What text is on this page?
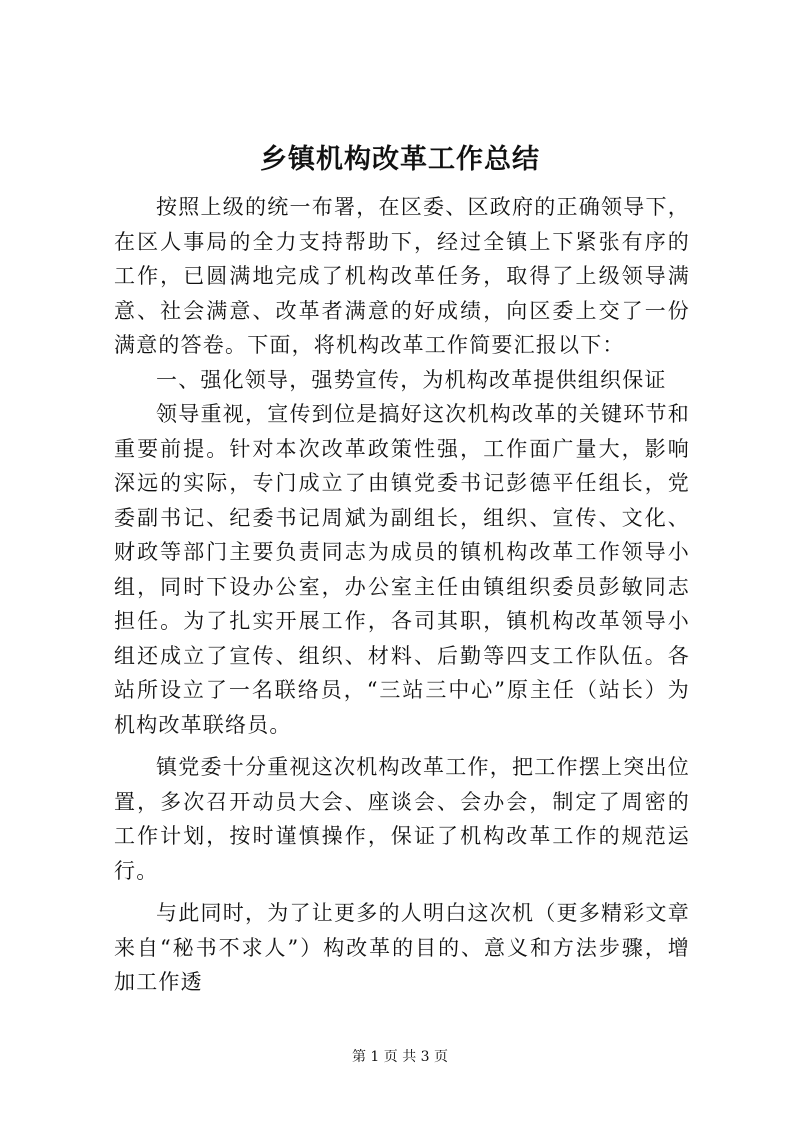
乡镇机构改革工作总结

按照上级的统一布署，在区委、区政府的正确领导下，在区人事局的全力支持帮助下，经过全镇上下紧张有序的工作，已圆满地完成了机构改革任务，取得了上级领导满意、社会满意、改革者满意的好成绩，向区委上交了一份满意的答卷。下面，将机构改革工作简要汇报以下：

一、强化领导，强势宣传，为机构改革提供组织保证

领导重视，宣传到位是搞好这次机构改革的关键环节和重要前提。针对本次改革政策性强，工作面广量大，影响深远的实际，专门成立了由镇党委书记彭德平任组长，党委副书记、纪委书记周斌为副组长，组织、宣传、文化、财政等部门主要负责同志为成员的镇机构改革工作领导小组，同时下设办公室，办公室主任由镇组织委员彭敏同志担任。为了扎实开展工作，各司其职，镇机构改革领导小组还成立了宣传、组织、材料、后勤等四支工作队伍。各站所设立了一名联络员，“三站三中心”原主任（站长）为机构改革联络员。

镇党委十分重视这次机构改革工作，把工作摆上突出位置，多次召开动员大会、座谈会、会办会，制定了周密的工作计划，按时谨慎操作，保证了机构改革工作的规范运行。

与此同时，为了让更多的人明白这次机（更多精彩文章来自“秘书不求人”）构改革的目的、意义和方法步骤，增加工作透

第 1 页 共 3 页
